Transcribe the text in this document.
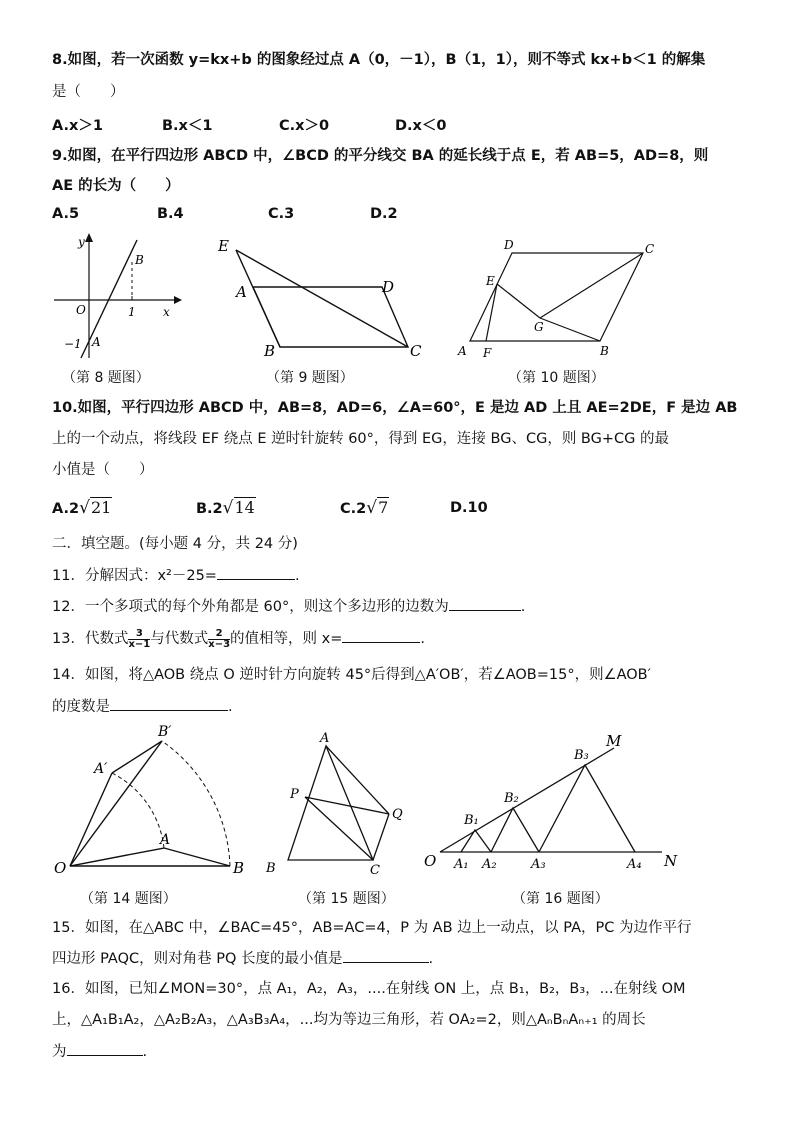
8.如图，若一次函数 y=kx+b 的图象经过点 A（0，－1），B（1，1），则不等式 kx+b＜1 的解集
是（　　）
A.x＞1	B.x＜1	C.x＞0	D.x＜0
9.如图，在平行四边形 ABCD 中，∠BCD 的平分线交 BA 的延长线于点 E，若 AB=5，AD=8，则
AE 的长为（　　）
A.5	B.4	C.3	D.2
y
x
O
B
1
−1 A
（第 8 题图）
E
A	D
B	C
（第 9 题图）
D	C
E
G
A F	B
（第 10 题图）
10.如图，平行四边形 ABCD 中，AB=8，AD=6，∠A=60°，E 是边 AD 上且 AE=2DE，F 是边 AB
上的一个动点，将线段 EF 绕点 E 逆时针旋转 60°，得到 EG，连接 BG、CG，则 BG+CG 的最
小值是（　　）
A.2√21	B.2√14	C.2√7	D.10
二．填空题。(每小题 4 分，共 24 分)
11．分解因式：x²－25=	.
12．一个多项式的每个外角都是 60°，则这个多边形的边数为	.
13．代数式 $\frac{3}{x-1}$ 与代数式 $\frac{2}{x-3}$ 的值相等，则 x=	.
14．如图，将△AOB 绕点 O 逆时针方向旋转 45°后得到△A′OB′，若∠AOB=15°，则∠AOB′
的度数是	.
B′
A′
A
O	B
（第 14 题图）
A
P
Q
B	C
（第 15 题图）
M
N
O
B₁
B₂
B₃
A₁ A₂	A₃	A₄
（第 16 题图）
15．如图，在△ABC 中，∠BAC=45°，AB=AC=4，P 为 AB 边上一动点，以 PA，PC 为边作平行
四边形 PAQC，则对角巷 PQ 长度的最小值是	.
16．如图，已知∠MON=30°，点 A₁，A₂，A₃，....在射线 ON 上，点 B₁，B₂，B₃，...在射线 OM
上，△A₁B₁A₂，△A₂B₂A₃，△A₃B₃A₄，...均为等边三角形，若 OA₂=2，则△AₙBₙAₙ₊₁ 的周长
为	.
